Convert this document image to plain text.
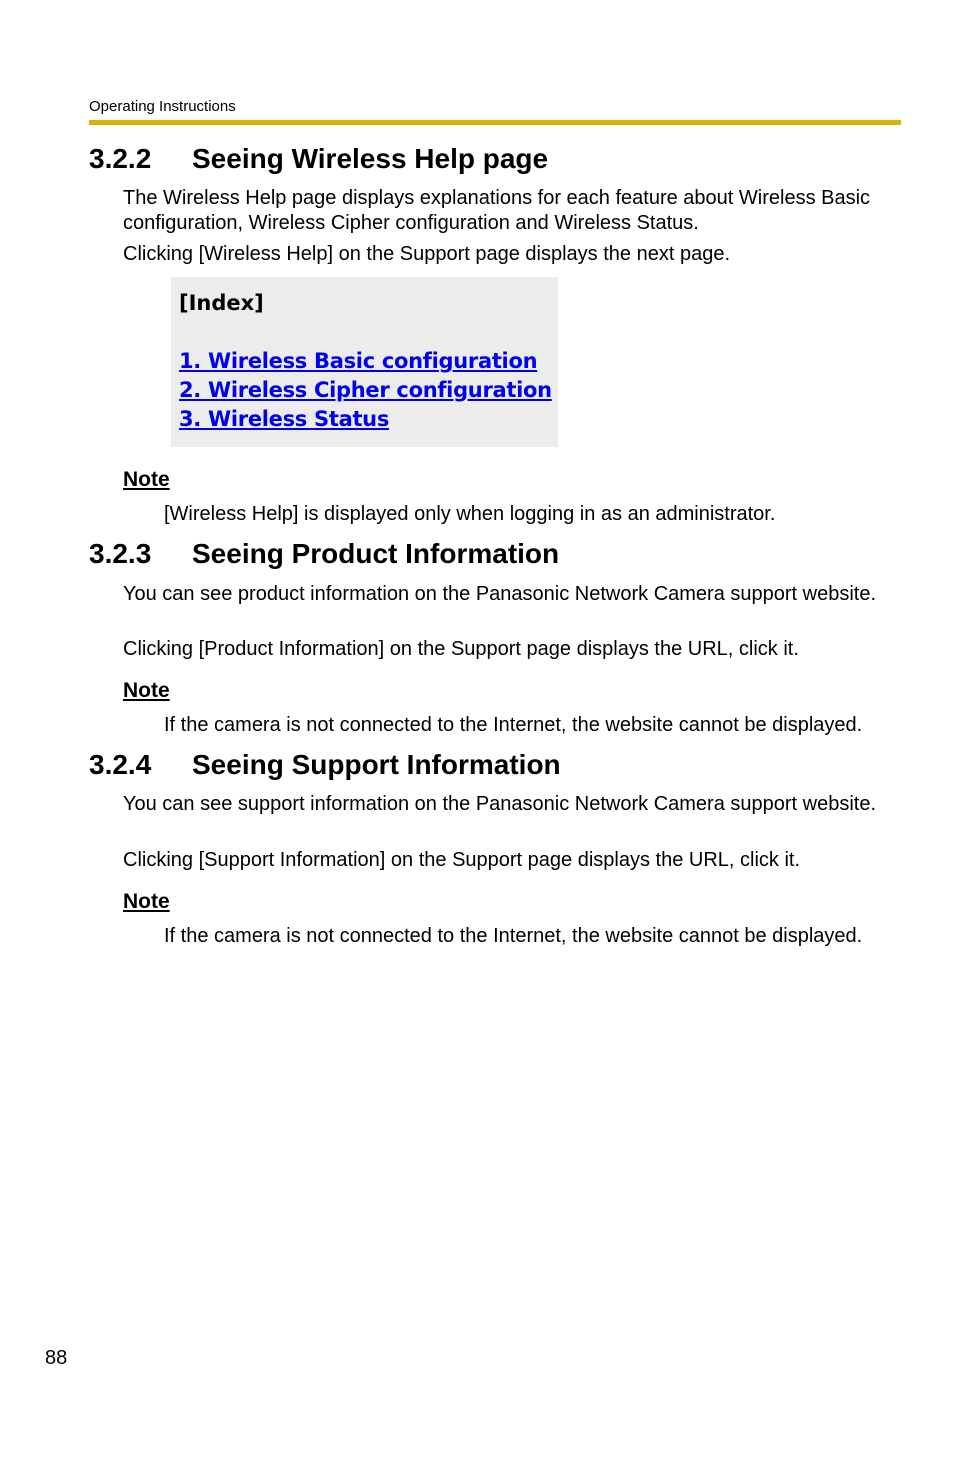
Operating Instructions
3.2.2 Seeing Wireless Help page

The Wireless Help page displays explanations for each feature about Wireless Basic configuration, Wireless Cipher configuration and Wireless Status.

Clicking [Wireless Help] on the Support page displays the next page.

[Index]
1. Wireless Basic configuration
2. Wireless Cipher configuration
3. Wireless Status
Note

[Wireless Help] is displayed only when logging in as an administrator.

3.2.3 Seeing Product Information

You can see product information on the Panasonic Network Camera support website.

Clicking [Product Information] on the Support page displays the URL, click it.

Note

If the camera is not connected to the Internet, the website cannot be displayed.

3.2.4 Seeing Support Information

You can see support information on the Panasonic Network Camera support website.

Clicking [Support Information] on the Support page displays the URL, click it.

Note

If the camera is not connected to the Internet, the website cannot be displayed.

88
